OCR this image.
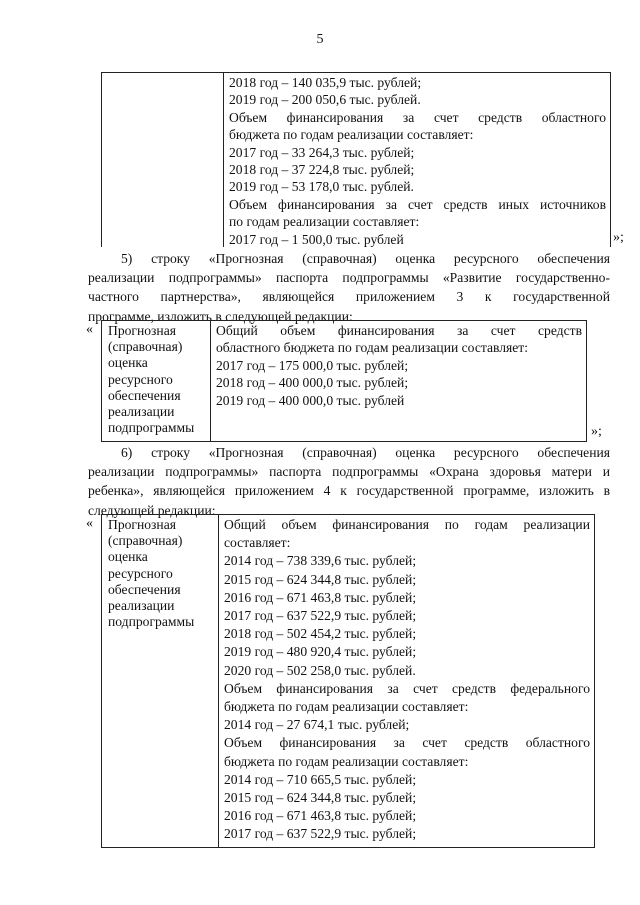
5
2018 год – 140 035,9 тыс. рублей;
2019 год – 200 050,6 тыс. рублей.
Объем финансирования за счет средств областного
бюджета по годам реализации составляет:
2017 год – 33 264,3 тыс. рублей;
2018 год – 37 224,8 тыс. рублей;
2019 год – 53 178,0 тыс. рублей.
Объем финансирования за счет средств иных источников
по годам реализации составляет:
2017 год – 1 500,0 тыс. рублей	»;
5) строку «Прогнозная (справочная) оценка ресурсного обеспечения
реализации подпрограммы» паспорта подпрограммы «Развитие государственно-
частного партнерства», являющейся приложением 3 к государственной
программе, изложить в следующей редакции:
« Прогнозная
(справочная)
оценка
ресурсного
обеспечения
реализации
подпрограммы
Общий объем финансирования за счет средств
областного бюджета по годам реализации составляет:
2017 год – 175 000,0 тыс. рублей;
2018 год – 400 000,0 тыс. рублей;
2019 год – 400 000,0 тыс. рублей
»;
6) строку «Прогнозная (справочная) оценка ресурсного обеспечения
реализации подпрограммы» паспорта подпрограммы «Охрана здоровья матери и
ребенка», являющейся приложением 4 к государственной программе, изложить в
следующей редакции:
« Прогнозная
(справочная)
оценка
ресурсного
обеспечения
реализации
подпрограммы
Общий объем финансирования по годам реализации
составляет:
2014 год – 738 339,6 тыс. рублей;
2015 год – 624 344,8 тыс. рублей;
2016 год – 671 463,8 тыс. рублей;
2017 год – 637 522,9 тыс. рублей;
2018 год – 502 454,2 тыс. рублей;
2019 год – 480 920,4 тыс. рублей;
2020 год – 502 258,0 тыс. рублей.
Объем финансирования за счет средств федерального
бюджета по годам реализации составляет:
2014 год – 27 674,1 тыс. рублей;
Объем финансирования за счет средств областного
бюджета по годам реализации составляет:
2014 год – 710 665,5 тыс. рублей;
2015 год – 624 344,8 тыс. рублей;
2016 год – 671 463,8 тыс. рублей;
2017 год – 637 522,9 тыс. рублей;
